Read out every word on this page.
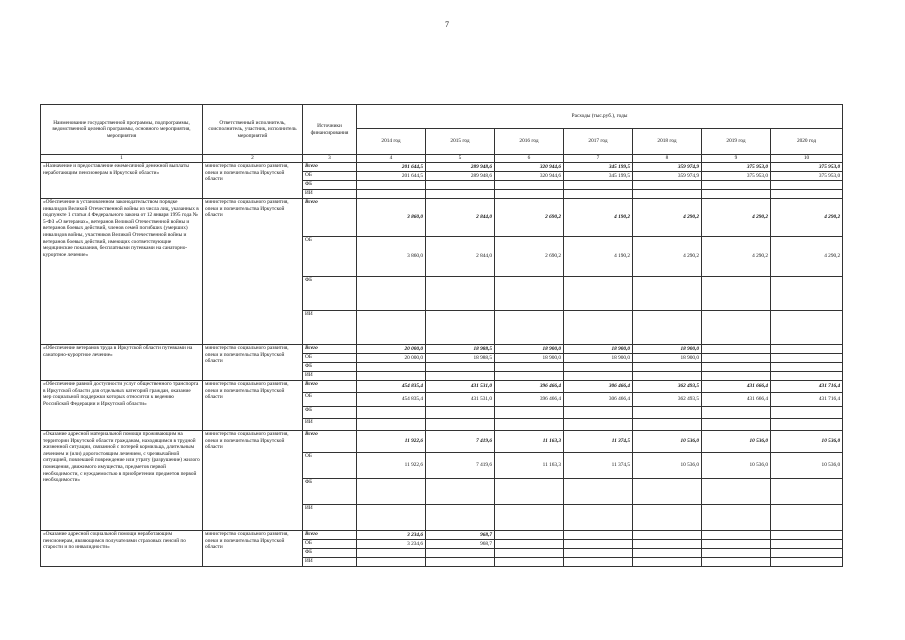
7
Наименование государственной программы, подпрограммы, ведомственной целевой программы, основного мероприятия, мероприятия	Ответственный исполнитель, соисполнитель, участник, исполнитель мероприятий	Источники финансирования	Расходы (тыс.руб.), годы						
			2014 год	2015 год	2016 год	2017 год	2018 год	2019 год	2020 год
1	2	3	4	5	6	7	8	9	10
«Назначение и предоставление ежемесячной денежной выплаты неработающим пенсионерам в Иркутской области»	министерство социального развития, опеки и попечительства Иркутской области	Всего	201 644,5	289 948,6	320 944,6	345 199,5	359 974,9	375 953,0	375 953,0
		ОБ	201 644,5	289 948,6	320 944,6	345 199,5	359 974,9	375 953,0	375 953,0
		ФБ							
		ИИ							
«Обеспечение в установленном законодательством порядке инвалидов Великой Отечественной войны из числа лиц, указанных в подпункте 1 статьи 4 Федерального закона от 12 января 1995 года № 5-ФЗ «О ветеранах», ветеранов Великой Отечественной войны и ветеранов боевых действий, членов семей погибших (умерших) инвалидов войны, участников Великой Отечественной войны и ветеранов боевых действий, имеющих соответствующие медицинские показания, бесплатными путевками на санаторно-курортное лечение»	министерство социального развития, опеки и попечительства Иркутской области	Всего	3 860,0	2 844,0	2 690,2	4 190,2	4 290,2	4 290,2	4 290,2
		ОБ	3 860,0	2 844,0	2 690,2	4 190,2	4 290,2	4 290,2	4 290,2
		ФБ							
		ИИ							
«Обеспечение ветеранов труда в Иркутской области путевками на санаторно-курортное лечение»	министерство социального развития, опеки и попечительства Иркутской области	Всего	20 000,0	18 988,5	18 900,0	18 900,0	18 900,0		
		ОБ	20 000,0	18 988,5	18 900,0	18 900,0	18 900,0		
		ФБ							
		ИИ							
«Обеспечение равной доступности услуг общественного транспорта в Иркутской области для отдельных категорий граждан, оказание мер социальной поддержки которых относится к ведению Российской Федерации и Иркутской области»	министерство социального развития, опеки и попечительства Иркутской области	Всего	454 835,4	431 531,0	396 466,4	306 466,4	362 493,5	431 666,4	431 716,4
		ОБ	454 835,4	431 531,0	396 466,4	306 466,4	362 493,5	431 666,4	431 716,4
		ФБ							
		ИИ							
«Оказание адресной материальной помощи проживающим на территории Иркутской области гражданам, находящимся в трудной жизненной ситуации, связанной с потерей кормильца, длительным лечением и (или) дорогостоящим лечением, с чрезвычайной ситуацией, повлекшей повреждение или утрату (разрушение) жилого помещения, движимого имущества, предметов первой необходимости, с нуждаемостью в приобретении предметов первой необходимости»	министерство социального развития, опеки и попечительства Иркутской области	Всего	11 922,6	7 419,6	11 163,3	11 374,5	10 536,0	10 536,0	10 536,0
		ОБ	11 922,6	7 419,6	11 163,3	11 374,5	10 536,0	10 536,0	10 536,0
		ФБ							
		ИИ							
«Оказание адресной социальной помощи неработающим пенсионерам, являющимся получателями страховых пенсий по старости и по инвалидности»	министерство социального развития, опеки и попечительства Иркутской области	Всего	3 234,6	968,7					
		ОБ	3 234,6	968,7					
		ФБ							
		ИИ							
